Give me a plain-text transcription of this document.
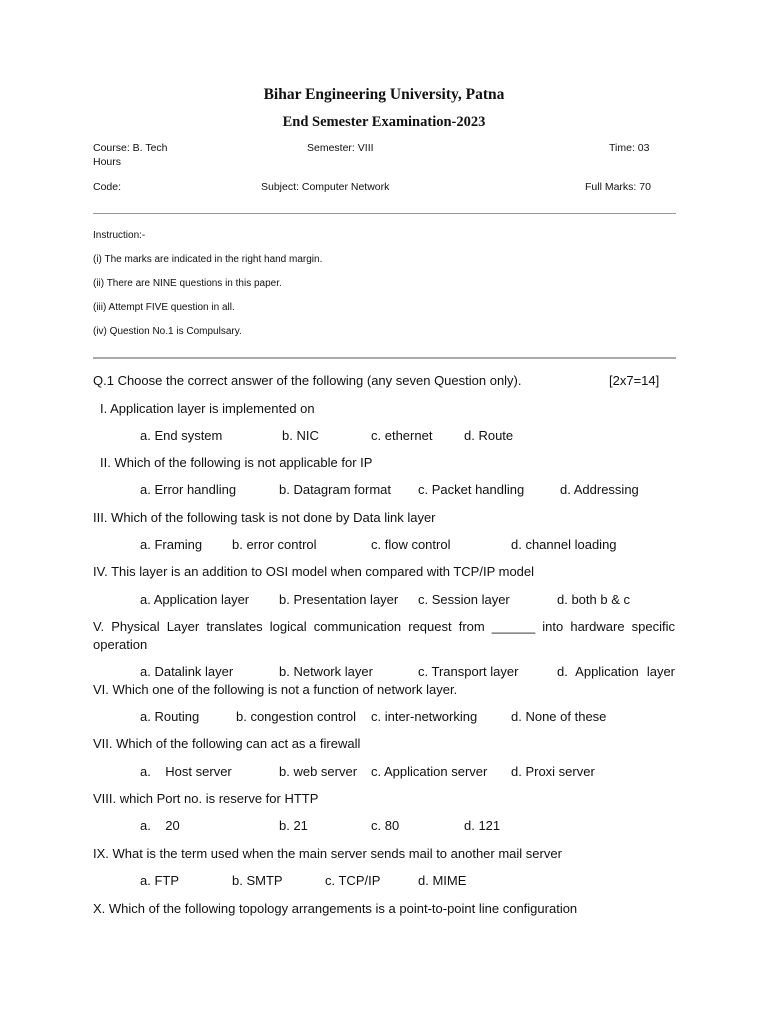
Bihar Engineering University, Patna
End Semester Examination-2023
Course: B. Tech	Semester: VIII	Time: 03
Hours
Code:	Subject: Computer Network	Full Marks: 70
Instruction:-
(i) The marks are indicated in the right hand margin.
(ii) There are NINE questions in this paper.
(iii) Attempt FIVE question in all.
(iv) Question No.1 is Compulsary.
Q.1 Choose the correct answer of the following (any seven Question only).	[2x7=14]
I. Application layer is implemented on
a. End system	b. NIC	c. ethernet d. Route
II. Which of the following is not applicable for IP
a. Error handling	b. Datagram format c. Packet handling	d. Addressing
III. Which of the following task is not done by Data link layer
a. Framing b. error control	c. flow control	d. channel loading
IV. This layer is an addition to OSI model when compared with TCP/IP model
a. Application layer b. Presentation layer c. Session layer	d. both b & c
V. Physical Layer translates logical communication request from ______ into hardware specific
operation
a. Datalink layer	b. Network layer	c. Transport layer	d. Application layer
VI. Which one of the following is not a function of network layer.
a. Routing	b. congestion control c. inter-networking	d. None of these
VII. Which of the following can act as a firewall
a.    Host server	b. web server c. Application server d. Proxi server
VIII. which Port no. is reserve for HTTP
a.    20	b. 21	c. 80	d. 121
IX. What is the term used when the main server sends mail to another mail server
a. FTP	b. SMTP	c. TCP/IP	d. MIME
X. Which of the following topology arrangements is a point-to-point line configuration
